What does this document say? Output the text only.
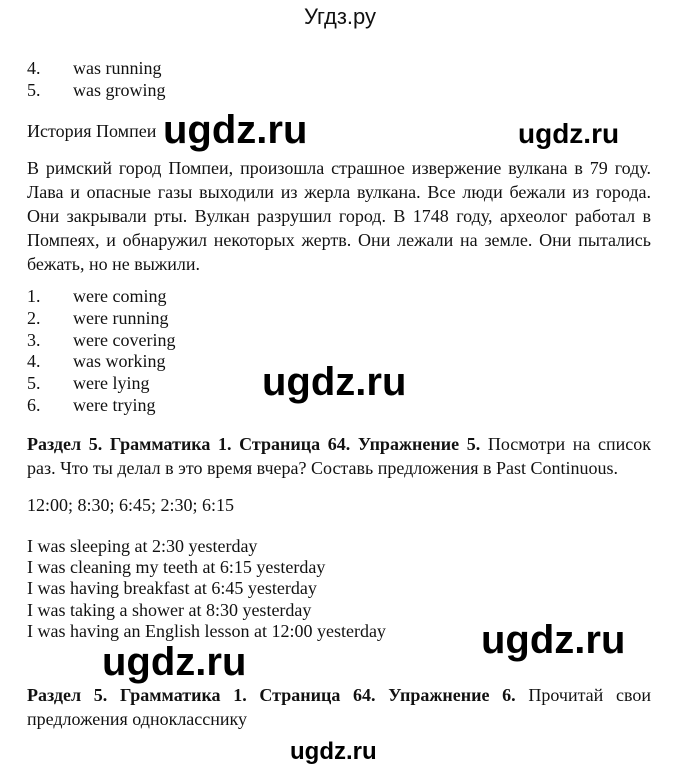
Угдз.ру
4. was running
5. was growing
История Помпеи

В римский город Помпеи, произошла страшное извержение вулкана в 79 году. Лава и опасные газы выходили из жерла вулкана. Все люди бежали из города. Они закрывали рты. Вулкан разрушил город. В 1748 году, археолог работал в Помпеях, и обнаружил некоторых жертв. Они лежали на земле. Они пытались бежать, но не выжили.

1. were coming
2. were running
3. were covering
4. was working
5. were lying
6. were trying

Раздел 5. Грамматика 1. Страница 64. Упражнение 5. Посмотри на список раз. Что ты делал в это время вчера? Составь предложения в Past Continuous.

12:00; 8:30; 6:45; 2:30; 6:15
I was sleeping at 2:30 yesterday
I was cleaning my teeth at 6:15 yesterday
I was having breakfast at 6:45 yesterday
I was taking a shower at 8:30 yesterday
I was having an English lesson at 12:00 yesterday

Раздел 5. Грамматика 1. Страница 64. Упражнение 6. Прочитай свои предложения однокласснику

ugdz.ru	ugdz.ru
ugdz.ru
ugdz.ru
ugdz.ru
ugdz.ru
